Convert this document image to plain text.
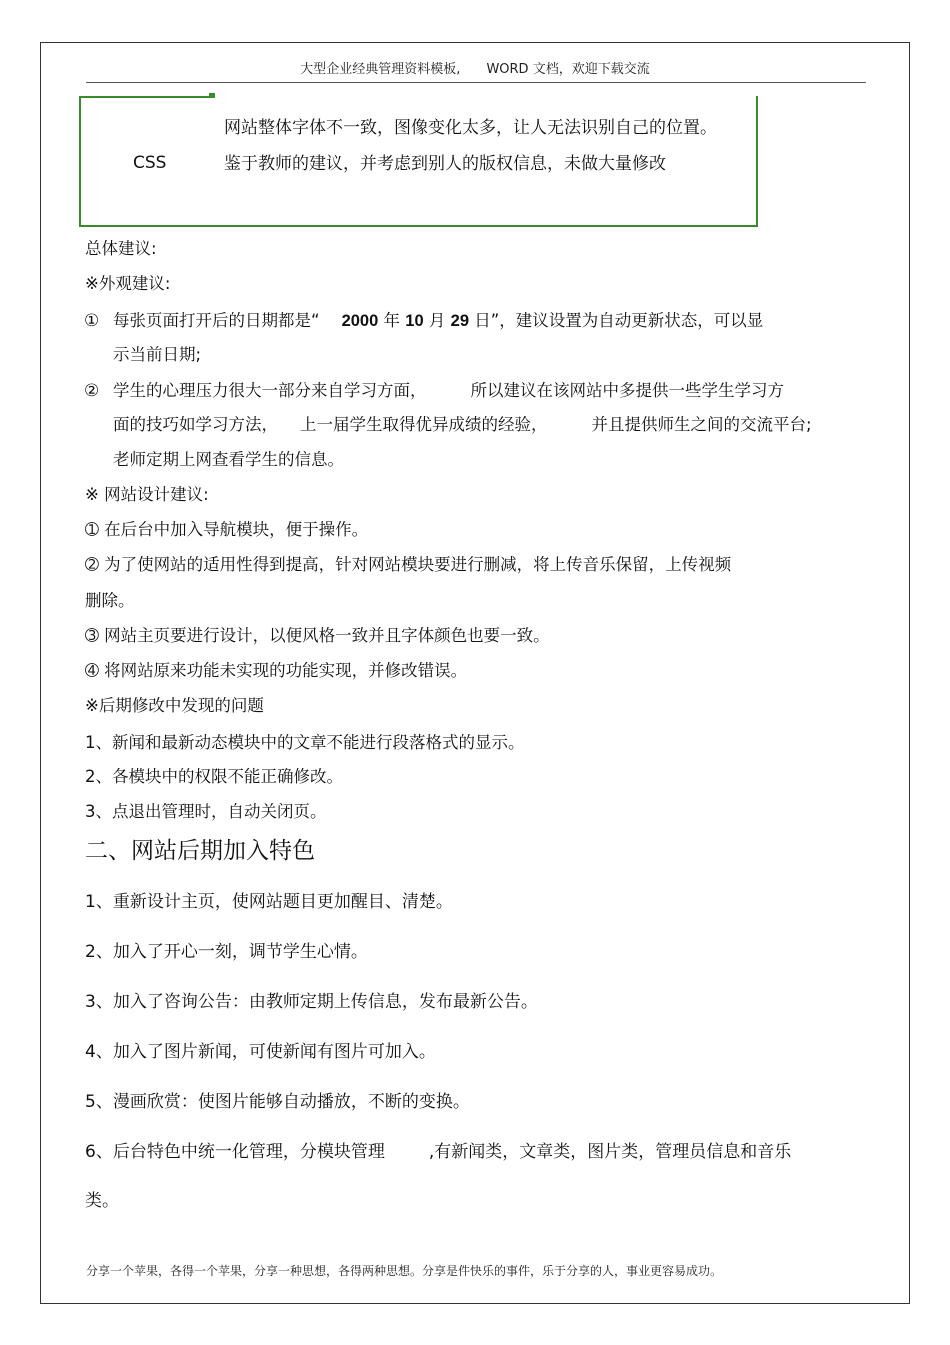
大型企业经典管理资料模板, WORD 文档，欢迎下载交流
CSS
网站整体字体不一致，图像变化太多，让人无法识别自己的位置。鉴于教师的建议，并考虑到别人的版权信息，未做大量修改
总体建议:
※外观建议:
① 每张页面打开后的日期都是“ 2000 年 10 月 29 日”，建议设置为自动更新状态，可以显
示当前日期;
② 学生的心理压力很大一部分来自学习方面，	所以建议在该网站中多提供一些学生学习方
面的技巧如学习方法， 上一届学生取得优异成绩的经验，	并且提供师生之间的交流平台;
老师定期上网查看学生的信息。
※ 网站设计建议:
➀ 在后台中加入导航模块，便于操作。
➁ 为了使网站的适用性得到提高，针对网站模块要进行删减，将上传音乐保留，上传视频
删除。
➂ 网站主页要进行设计，以便风格一致并且字体颜色也要一致。
➃ 将网站原来功能未实现的功能实现，并修改错误。
※后期修改中发现的问题
1、新闻和最新动态模块中的文章不能进行段落格式的显示。
2、各模块中的权限不能正确修改。
3、点退出管理时，自动关闭页。
二、网站后期加入特色
1、重新设计主页，使网站题目更加醒目、清楚。
2、加入了开心一刻，调节学生心情。
3、加入了咨询公告：由教师定期上传信息，发布最新公告。
4、加入了图片新闻，可使新闻有图片可加入。
5、漫画欣赏：使图片能够自动播放，不断的变换。
6、后台特色中统一化管理，分模块管理	,有新闻类，文章类，图片类，管理员信息和音乐
类。
分享一个苹果，各得一个苹果，分享一种思想，各得两种思想。分享是件快乐的事件，乐于分享的人，事业更容易成功。
